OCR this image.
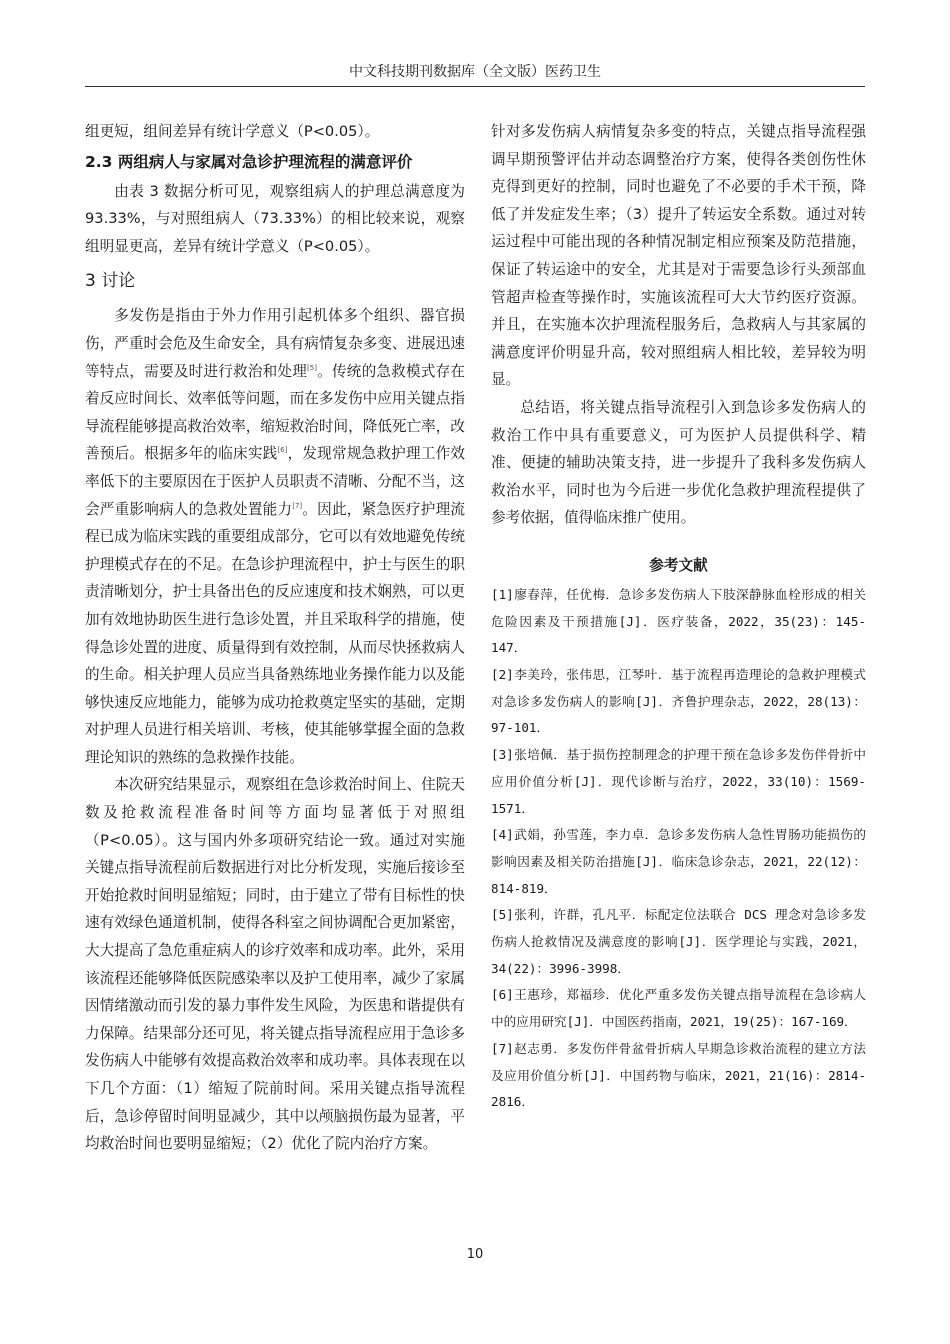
中文科技期刊数据库（全文版）医药卫生

组更短，组间差异有统计学意义（P<0.05）。

2.3 两组病人与家属对急诊护理流程的满意评价

由表 3 数据分析可见，观察组病人的护理总满意度为93.33%，与对照组病人（73.33%）的相比较来说，观察组明显更高，差异有统计学意义（P<0.05）。

3 讨论

多发伤是指由于外力作用引起机体多个组织、器官损伤，严重时会危及生命安全，具有病情复杂多变、进展迅速等特点，需要及时进行救治和处理[5]。传统的急救模式存在着反应时间长、效率低等问题，而在多发伤中应用关键点指导流程能够提高救治效率，缩短救治时间，降低死亡率，改善预后。根据多年的临床实践[6]，发现常规急救护理工作效率低下的主要原因在于医护人员职责不清晰、分配不当，这会严重影响病人的急救处置能力[7]。因此，紧急医疗护理流程已成为临床实践的重要组成部分，它可以有效地避免传统护理模式存在的不足。在急诊护理流程中，护士与医生的职责清晰划分，护士具备出色的反应速度和技术娴熟，可以更加有效地协助医生进行急诊处置，并且采取科学的措施，使得急诊处置的进度、质量得到有效控制，从而尽快拯救病人的生命。相关护理人员应当具备熟练地业务操作能力以及能够快速反应地能力，能够为成功抢救奠定坚实的基础，定期对护理人员进行相关培训、考核，使其能够掌握全面的急救理论知识的熟练的急救操作技能。

本次研究结果显示，观察组在急诊救治时间上、住院天数及抢救流程准备时间等方面均显著低于对照组（P<0.05）。这与国内外多项研究结论一致。通过对实施关键点指导流程前后数据进行对比分析发现，实施后接诊至开始抢救时间明显缩短；同时，由于建立了带有目标性的快速有效绿色通道机制，使得各科室之间协调配合更加紧密，大大提高了急危重症病人的诊疗效率和成功率。此外，采用该流程还能够降低医院感染率以及护工使用率，减少了家属因情绪激动而引发的暴力事件发生风险，为医患和谐提供有力保障。结果部分还可见，将关键点指导流程应用于急诊多发伤病人中能够有效提高救治效率和成功率。具体表现在以下几个方面：（1）缩短了院前时间。采用关键点指导流程后，急诊停留时间明显减少，其中以颅脑损伤最为显著，平均救治时间也要明显缩短；（2）优化了院内治疗方案。

针对多发伤病人病情复杂多变的特点，关键点指导流程强调早期预警评估并动态调整治疗方案，使得各类创伤性休克得到更好的控制，同时也避免了不必要的手术干预，降低了并发症发生率；（3）提升了转运安全系数。通过对转运过程中可能出现的各种情况制定相应预案及防范措施，保证了转运途中的安全，尤其是对于需要急诊行头颈部血管超声检查等操作时，实施该流程可大大节约医疗资源。并且，在实施本次护理流程服务后，急救病人与其家属的满意度评价明显升高，较对照组病人相比较，差异较为明显。

总结语，将关键点指导流程引入到急诊多发伤病人的救治工作中具有重要意义，可为医护人员提供科学、精准、便捷的辅助决策支持，进一步提升了我科多发伤病人救治水平，同时也为今后进一步优化急救护理流程提供了参考依据，值得临床推广使用。

参考文献
[1]廖春萍，任优梅．急诊多发伤病人下肢深静脉血栓形成的相关危险因素及干预措施[J]．医疗装备，2022，35(23)：145-147．
[2]李美玲，张伟思，江琴叶．基于流程再造理论的急救护理模式对急诊多发伤病人的影响[J]．齐鲁护理杂志，2022，28(13)：97-101．
[3]张培佩．基于损伤控制理念的护理干预在急诊多发伤伴骨折中应用价值分析[J]．现代诊断与治疗，2022，33(10)：1569-1571．
[4]武娟，孙雪莲，李力卓．急诊多发伤病人急性胃肠功能损伤的影响因素及相关防治措施[J]．临床急诊杂志，2021，22(12)：814-819．
[5]张利，许群，孔凡平．标配定位法联合 DCS 理念对急诊多发伤病人抢救情况及满意度的影响[J]．医学理论与实践，2021，34(22)：3996-3998．
[6]王惠珍，郑福珍．优化严重多发伤关键点指导流程在急诊病人中的应用研究[J]．中国医药指南，2021，19(25)：167-169．
[7]赵志勇．多发伤伴骨盆骨折病人早期急诊救治流程的建立方法及应用价值分析[J]．中国药物与临床，2021，21(16)：2814-2816．
10
